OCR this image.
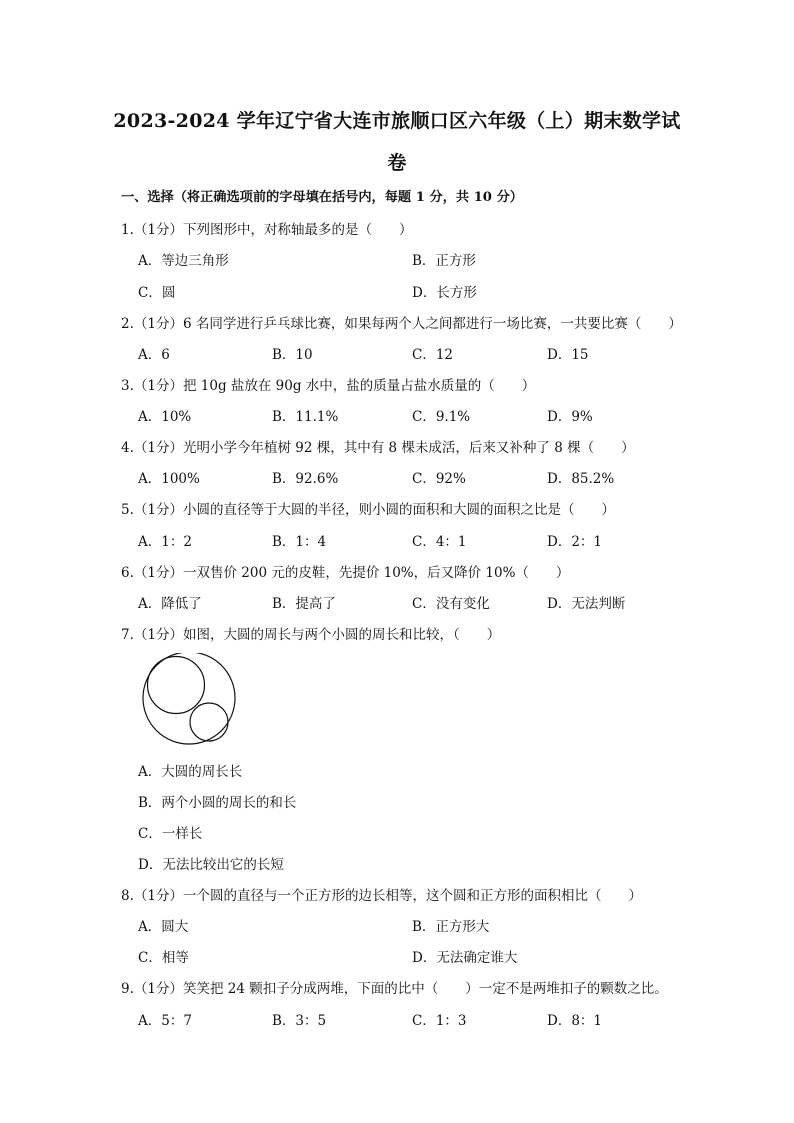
2023-2024 学年辽宁省大连市旅顺口区六年级（上）期末数学试
卷
一、选择（将正确选项前的字母填在括号内，每题 1 分，共 10 分）
1.（1分）下列图形中，对称轴最多的是（　　）
A．等边三角形	B．正方形
C．圆	D．长方形
2.（1分）6 名同学进行乒乓球比赛，如果每两个人之间都进行一场比赛，一共要比赛（　　）
A．6	B．10	C．12	D．15
3.（1分）把 10g 盐放在 90g 水中，盐的质量占盐水质量的（　　）
A．10%	B．11.1%	C．9.1%	D．9%
4.（1分）光明小学今年植树 92 棵，其中有 8 棵未成活，后来又补种了 8 棵（　　）
A．100%	B．92.6%	C．92%	D．85.2%
5.（1分）小圆的直径等于大圆的半径，则小圆的面积和大圆的面积之比是（　　）
A．1：2	B．1：4	C．4：1	D．2：1
6.（1分）一双售价 200 元的皮鞋，先提价 10%，后又降价 10%（　　）
A．降低了	B．提高了	C．没有变化	D．无法判断
7.（1分）如图，大圆的周长与两个小圆的周长和比较，（　　）
A．大圆的周长长
B．两个小圆的周长的和长
C．一样长
D．无法比较出它的长短
8.（1分）一个圆的直径与一个正方形的边长相等，这个圆和正方形的面积相比（　　）
A．圆大	B．正方形大
C．相等	D．无法确定谁大
9.（1分）笑笑把 24 颗扣子分成两堆，下面的比中（　　）一定不是两堆扣子的颗数之比。
A．5：7	B．3：5	C．1：3	D．8：1
